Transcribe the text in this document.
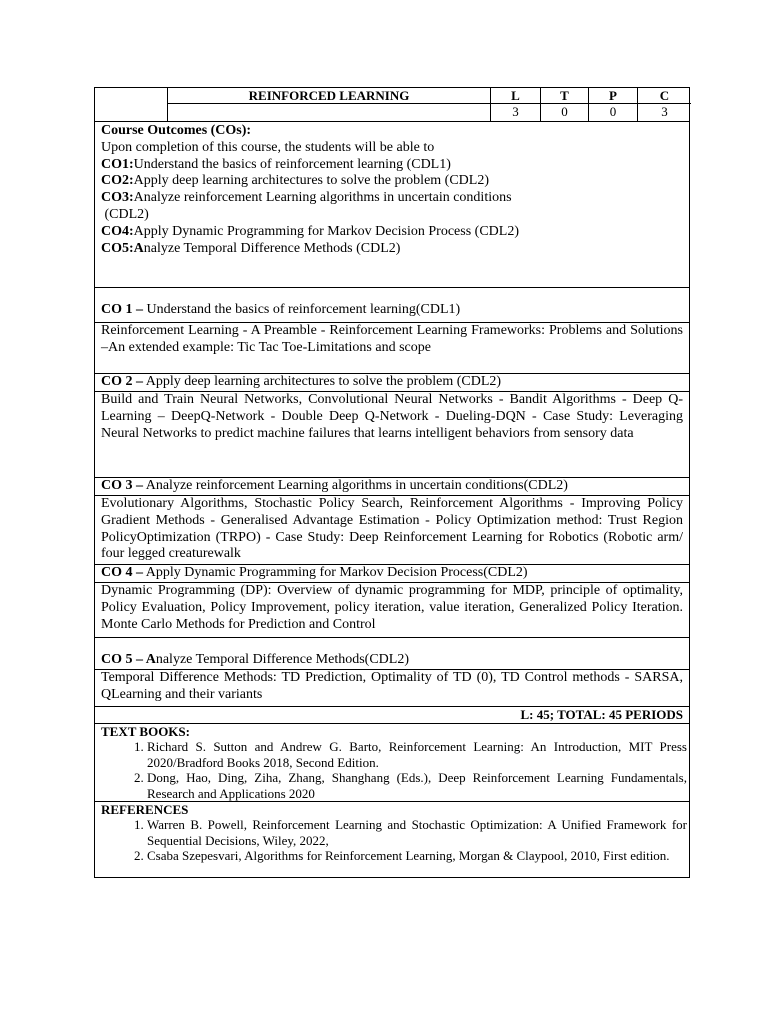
REINFORCED LEARNING	L	T	P	C
3	0	0	3
Course Outcomes (COs):
Upon completion of this course, the students will be able to
CO1:Understand the basics of reinforcement learning (CDL1)
CO2:Apply deep learning architectures to solve the problem (CDL2)
CO3:Analyze reinforcement Learning algorithms in uncertain conditions
(CDL2)
CO4:Apply Dynamic Programming for Markov Decision Process (CDL2)
CO5:Analyze Temporal Difference Methods (CDL2)
CO 1 – Understand the basics of reinforcement learning(CDL1)
Reinforcement Learning - A Preamble - Reinforcement Learning Frameworks: Problems and Solutions –An extended example: Tic Tac Toe-Limitations and scope
CO 2 – Apply deep learning architectures to solve the problem (CDL2)
Build and Train Neural Networks, Convolutional Neural Networks - Bandit Algorithms - Deep Q-Learning – DeepQ-Network - Double Deep Q-Network - Dueling-DQN - Case Study: Leveraging Neural Networks to predict machine failures that learns intelligent behaviors from sensory data
CO 3 – Analyze reinforcement Learning algorithms in uncertain conditions(CDL2)
Evolutionary Algorithms, Stochastic Policy Search, Reinforcement Algorithms - Improving Policy Gradient Methods - Generalised Advantage Estimation - Policy Optimization method: Trust Region PolicyOptimization (TRPO) - Case Study: Deep Reinforcement Learning for Robotics (Robotic arm/ four legged creaturewalk
CO 4 – Apply Dynamic Programming for Markov Decision Process(CDL2)
Dynamic Programming (DP): Overview of dynamic programming for MDP, principle of optimality, Policy Evaluation, Policy Improvement, policy iteration, value iteration, Generalized Policy Iteration. Monte Carlo Methods for Prediction and Control
CO 5 – Analyze Temporal Difference Methods(CDL2)
Temporal Difference Methods: TD Prediction, Optimality of TD (0), TD Control methods - SARSA, QLearning and their variants
L: 45; TOTAL: 45 PERIODS
TEXT BOOKS:
1. Richard S. Sutton and Andrew G. Barto, Reinforcement Learning: An Introduction, MIT Press 2020/Bradford Books 2018, Second Edition.
2. Dong, Hao, Ding, Ziha, Zhang, Shanghang (Eds.), Deep Reinforcement Learning Fundamentals, Research and Applications 2020
REFERENCES
1. Warren B. Powell, Reinforcement Learning and Stochastic Optimization: A Unified Framework for Sequential Decisions, Wiley, 2022,
2. Csaba Szepesvari, Algorithms for Reinforcement Learning, Morgan & Claypool, 2010, First edition.
